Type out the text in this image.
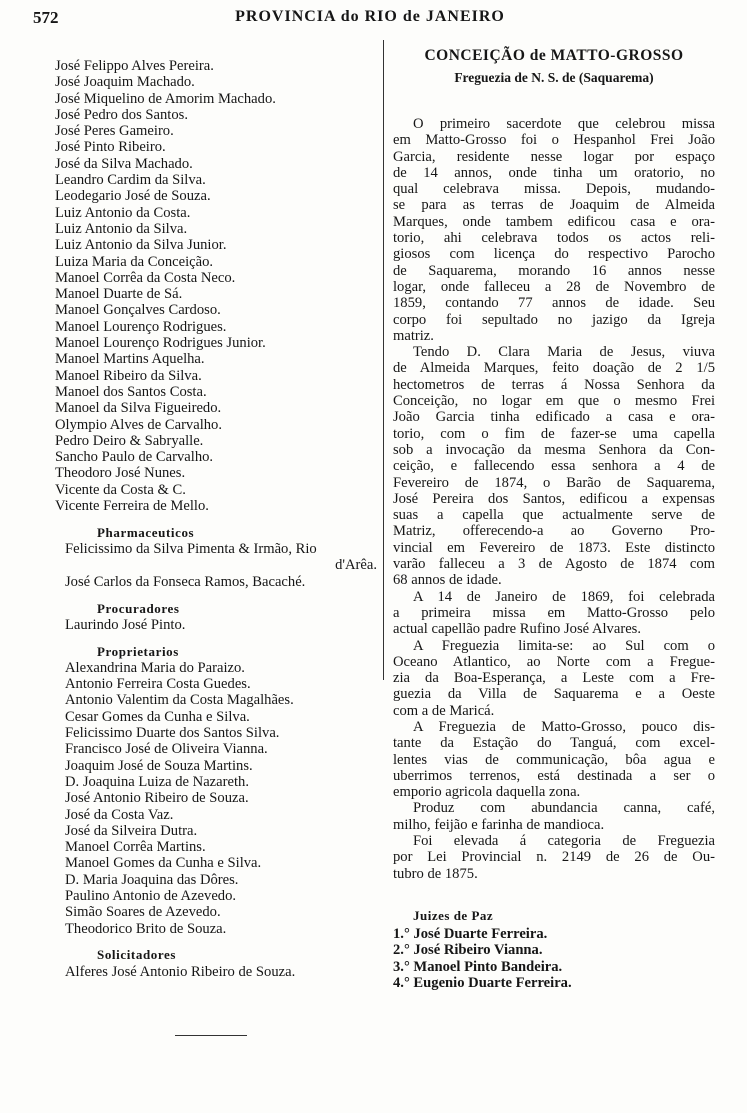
572	PROVINCIA do RIO de JANEIRO
José Felippo Alves Pereira.
José Joaquim Machado.
José Miquelino de Amorim Machado.
José Pedro dos Santos.
José Peres Gameiro.
José Pinto Ribeiro.
José da Silva Machado.
Leandro Cardim da Silva.
Leodegario José de Souza.
Luiz Antonio da Costa.
Luiz Antonio da Silva.
Luiz Antonio da Silva Junior.
Luiza Maria da Conceição.
Manoel Corrêa da Costa Neco.
Manoel Duarte de Sá.
Manoel Gonçalves Cardoso.
Manoel Lourenço Rodrigues.
Manoel Lourenço Rodrigues Junior.
Manoel Martins Aquelha.
Manoel Ribeiro da Silva.
Manoel dos Santos Costa.
Manoel da Silva Figueiredo.
Olympio Alves de Carvalho.
Pedro Deiro & Sabryalle.
Sancho Paulo de Carvalho.
Theodoro José Nunes.
Vicente da Costa & C.
Vicente Ferreira de Mello.
Pharmaceuticos
Felicissimo da Silva Pimenta & Irmão, Rio
d'Arêa.
José Carlos da Fonseca Ramos, Bacaché.
Procuradores
Laurindo José Pinto.
Proprietarios
Alexandrina Maria do Paraizo.
Antonio Ferreira Costa Guedes.
Antonio Valentim da Costa Magalhães.
Cesar Gomes da Cunha e Silva.
Felicissimo Duarte dos Santos Silva.
Francisco José de Oliveira Vianna.
Joaquim José de Souza Martins.
D. Joaquina Luiza de Nazareth.
José Antonio Ribeiro de Souza.
José da Costa Vaz.
José da Silveira Dutra.
Manoel Corrêa Martins.
Manoel Gomes da Cunha e Silva.
D. Maria Joaquina das Dôres.
Paulino Antonio de Azevedo.
Simão Soares de Azevedo.
Theodorico Brito de Souza.
Solicitadores
Alferes José Antonio Ribeiro de Souza.
CONCEIÇÃO de MATTO-GROSSO
Freguezia de N. S. de (Saquarema)
O primeiro sacerdote que celebrou missa
em Matto-Grosso foi o Hespanhol Frei João
Garcia, residente nesse logar por espaço
de 14 annos, onde tinha um oratorio, no
qual celebrava missa. Depois, mudando-
se para as terras de Joaquim de Almeida
Marques, onde tambem edificou casa e ora-
torio, ahi celebrava todos os actos reli-
giosos com licença do respectivo Parocho
de Saquarema, morando 16 annos nesse
logar, onde falleceu a 28 de Novembro de
1859, contando 77 annos de idade. Seu
corpo foi sepultado no jazigo da Igreja
matriz.
Tendo D. Clara Maria de Jesus, viuva
de Almeida Marques, feito doação de 2 1/5
hectometros de terras á Nossa Senhora da
Conceição, no logar em que o mesmo Frei
João Garcia tinha edificado a casa e ora-
torio, com o fim de fazer-se uma capella
sob a invocação da mesma Senhora da Con-
ceição, e fallecendo essa senhora a 4 de
Fevereiro de 1874, o Barão de Saquarema,
José Pereira dos Santos, edificou a expensas
suas a capella que actualmente serve de
Matriz, offerecendo-a ao Governo Pro-
vincial em Fevereiro de 1873. Este distincto
varão falleceu a 3 de Agosto de 1874 com
68 annos de idade.
A 14 de Janeiro de 1869, foi celebrada
a primeira missa em Matto-Grosso pelo
actual capellão padre Rufino José Alvares.
A Freguezia limita-se: ao Sul com o
Oceano Atlantico, ao Norte com a Fregue-
zia da Boa-Esperança, a Leste com a Fre-
guezia da Villa de Saquarema e a Oeste
com a de Maricá.
A Freguezia de Matto-Grosso, pouco dis-
tante da Estação do Tanguá, com excel-
lentes vias de communicação, bôa agua e
uberrimos terrenos, está destinada a ser o
emporio agricola daquella zona.
Produz com abundancia canna, café,
milho, feijão e farinha de mandioca.
Foi elevada á categoria de Freguezia
por Lei Provincial n. 2149 de 26 de Ou-
tubro de 1875.
Juizes de Paz
1.° José Duarte Ferreira.
2.° José Ribeiro Vianna.
3.° Manoel Pinto Bandeira.
4.° Eugenio Duarte Ferreira.
